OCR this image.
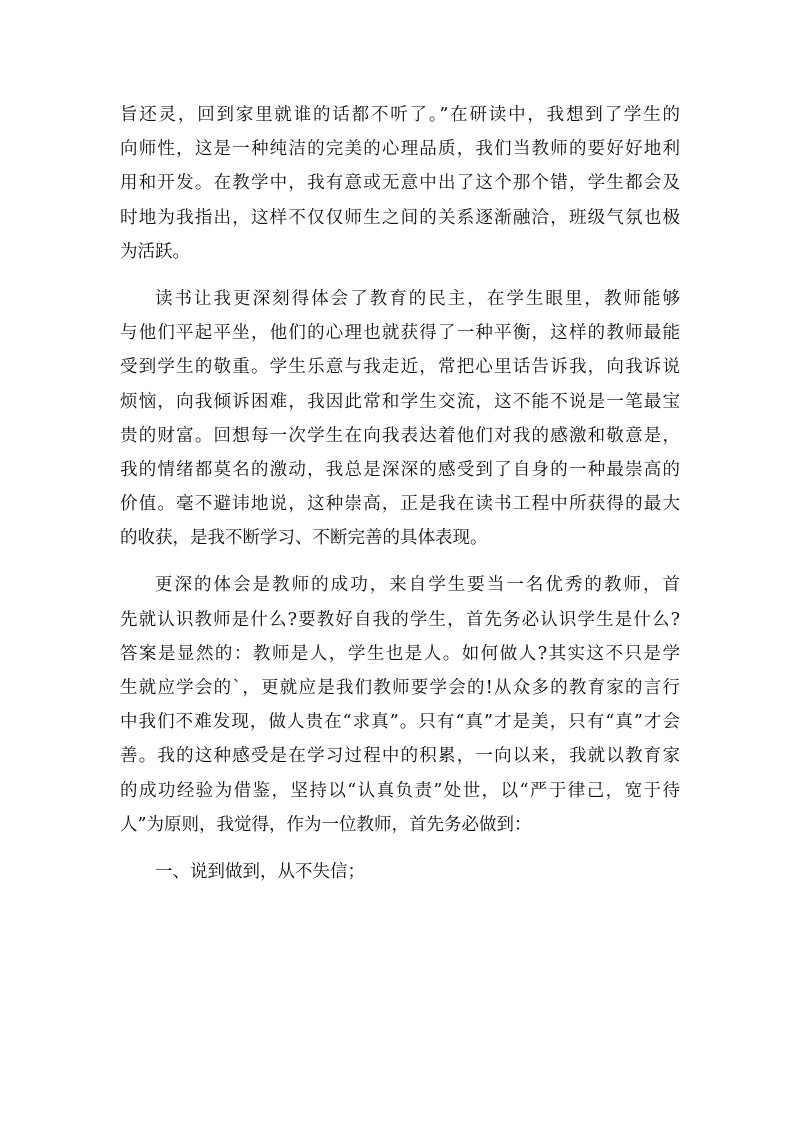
旨还灵，回到家里就谁的话都不听了。”在研读中，我想到了学生的
向师性，这是一种纯洁的完美的心理品质，我们当教师的要好好地利
用和开发。在教学中，我有意或无意中出了这个那个错，学生都会及
时地为我指出，这样不仅仅师生之间的关系逐渐融洽，班级气氛也极
为活跃。
读书让我更深刻得体会了教育的民主，在学生眼里，教师能够
与他们平起平坐，他们的心理也就获得了一种平衡，这样的教师最能
受到学生的敬重。学生乐意与我走近，常把心里话告诉我，向我诉说
烦恼，向我倾诉困难，我因此常和学生交流，这不能不说是一笔最宝
贵的财富。回想每一次学生在向我表达着他们对我的感激和敬意是，
我的情绪都莫名的激动，我总是深深的感受到了自身的一种最崇高的
价值。毫不避讳地说，这种崇高，正是我在读书工程中所获得的最大
的收获，是我不断学习、不断完善的具体表现。
更深的体会是教师的成功，来自学生要当一名优秀的教师，首
先就认识教师是什么?要教好自我的学生，首先务必认识学生是什么?
答案是显然的：教师是人，学生也是人。如何做人?其实这不只是学
生就应学会的`，更就应是我们教师要学会的!从众多的教育家的言行
中我们不难发现，做人贵在“求真”。只有“真”才是美，只有“真”才会
善。我的这种感受是在学习过程中的积累，一向以来，我就以教育家
的成功经验为借鉴，坚持以“认真负责”处世，以“严于律己，宽于待
人”为原则，我觉得，作为一位教师，首先务必做到：
一、说到做到，从不失信；
